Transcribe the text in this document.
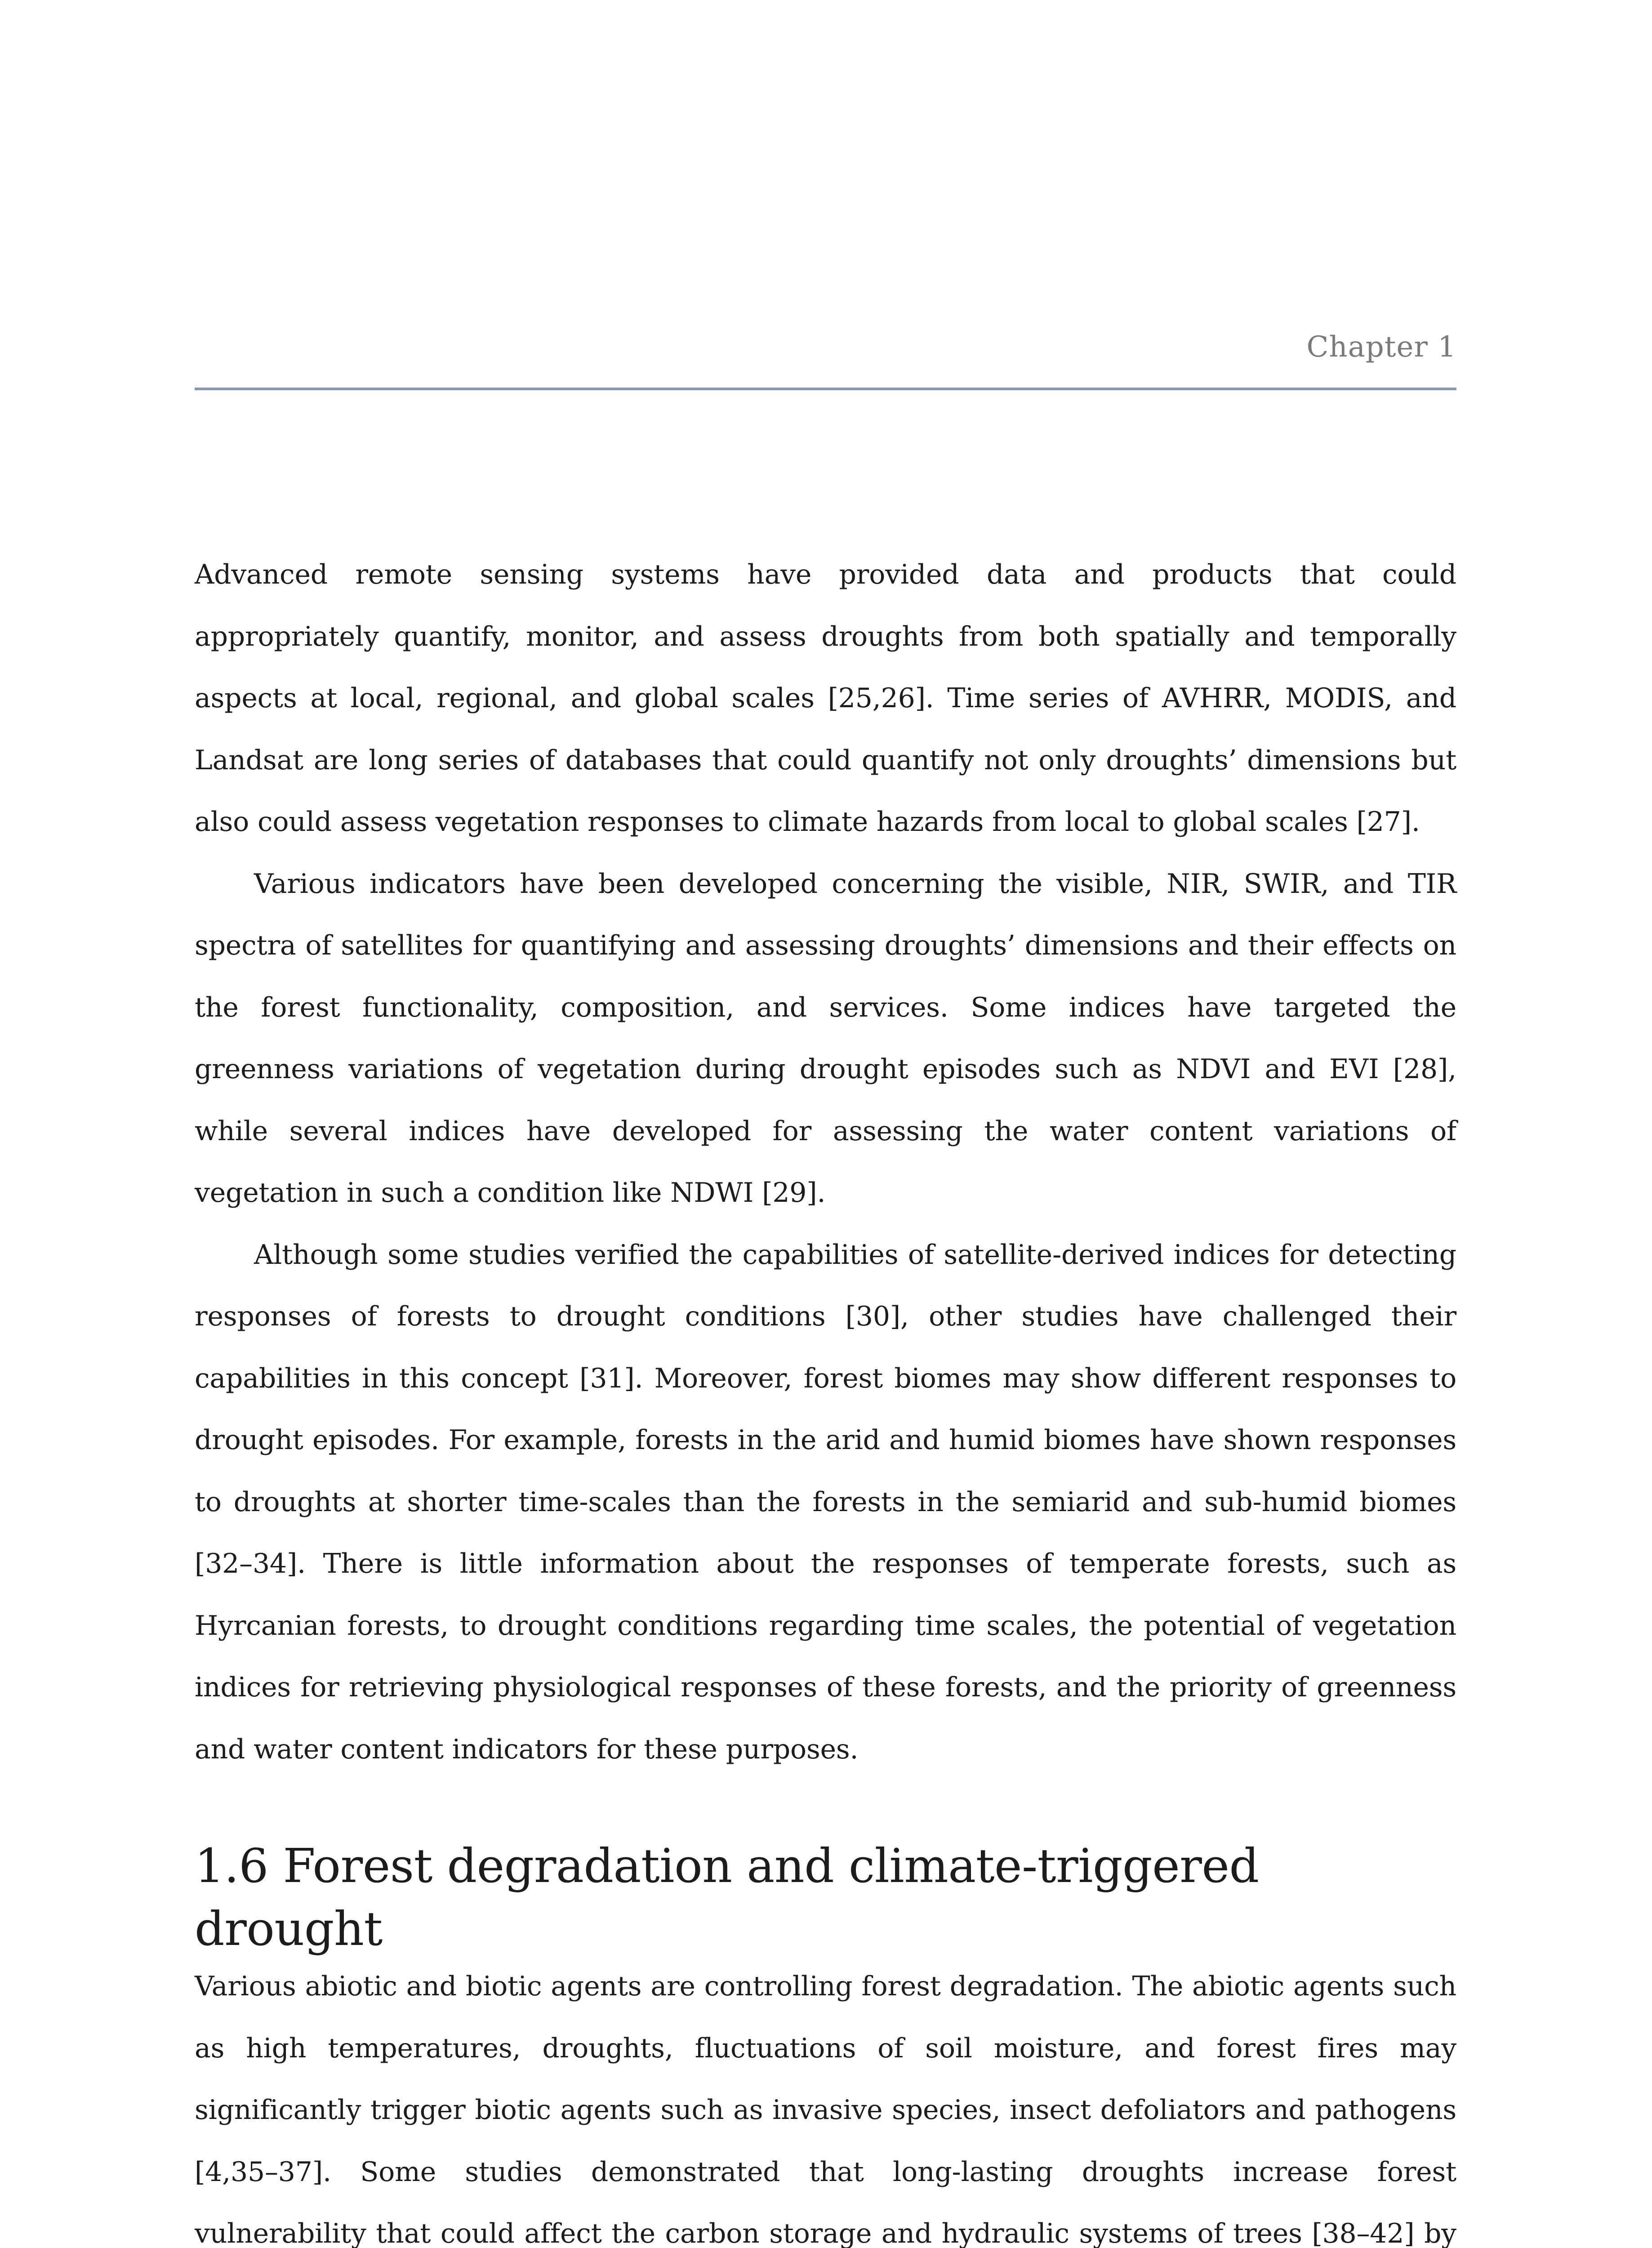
Chapter 1

Advanced remote sensing systems have provided data and products that could appropriately quantify, monitor, and assess droughts from both spatially and temporally aspects at local, regional, and global scales [25,26]. Time series of AVHRR, MODIS, and Landsat are long series of databases that could quantify not only droughts’ dimensions but also could assess vegetation responses to climate hazards from local to global scales [27].

Various indicators have been developed concerning the visible, NIR, SWIR, and TIR spectra of satellites for quantifying and assessing droughts’ dimensions and their effects on the forest functionality, composition, and services. Some indices have targeted the greenness variations of vegetation during drought episodes such as NDVI and EVI [28], while several indices have developed for assessing the water content variations of vegetation in such a condition like NDWI [29].

Although some studies verified the capabilities of satellite-derived indices for detecting responses of forests to drought conditions [30], other studies have challenged their capabilities in this concept [31]. Moreover, forest biomes may show different responses to drought episodes. For example, forests in the arid and humid biomes have shown responses to droughts at shorter time-scales than the forests in the semiarid and sub-humid biomes [32–34]. There is little information about the responses of temperate forests, such as Hyrcanian forests, to drought conditions regarding time scales, the potential of vegetation indices for retrieving physiological responses of these forests, and the priority of greenness and water content indicators for these purposes.

1.6 Forest degradation and climate-triggered drought

Various abiotic and biotic agents are controlling forest degradation. The abiotic agents such as high temperatures, droughts, fluctuations of soil moisture, and forest fires may significantly trigger biotic agents such as invasive species, insect defoliators and pathogens [4,35–37]. Some studies demonstrated that long-lasting droughts increase forest vulnerability that could affect the carbon storage and hydraulic systems of trees [38–42] by
